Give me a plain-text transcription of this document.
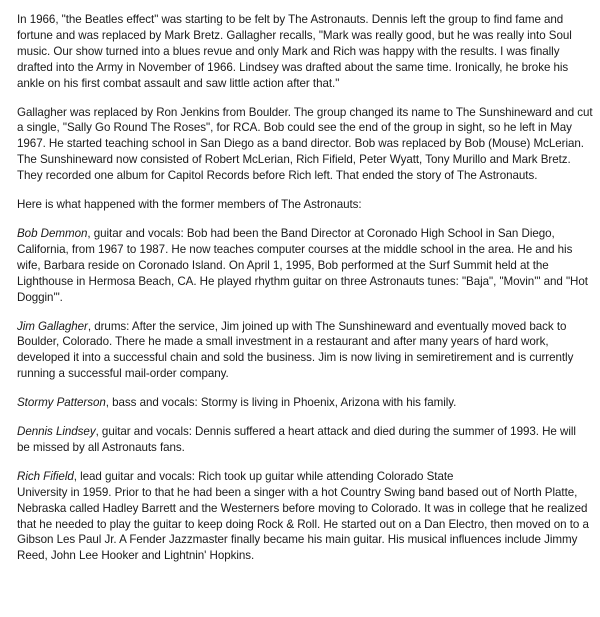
In 1966, "the Beatles effect" was starting to be felt by The Astronauts. Dennis left the group to find fame and
fortune and was replaced by Mark Bretz. Gallagher recalls, "Mark was really good, but he was really into Soul
music. Our show turned into a blues revue and only Mark and Rich was happy with the results. I was finally
drafted into the Army in November of 1966. Lindsey was drafted about the same time. Ironically, he broke his
ankle on his first combat assault and saw little action after that."

Gallagher was replaced by Ron Jenkins from Boulder. The group changed its name to The Sunshineward and cut
a single, "Sally Go Round The Roses", for RCA. Bob could see the end of the group in sight, so he left in May
1967. He started teaching school in San Diego as a band director. Bob was replaced by Bob (Mouse) McLerian.
The Sunshineward now consisted of Robert McLerian, Rich Fifield, Peter Wyatt, Tony Murillo and Mark Bretz.
They recorded one album for Capitol Records before Rich left. That ended the story of The Astronauts.

Here is what happened with the former members of The Astronauts:

Bob Demmon, guitar and vocals: Bob had been the Band Director at Coronado High School in San Diego,
California, from 1967 to 1987. He now teaches computer courses at the middle school in the area. He and his
wife, Barbara reside on Coronado Island. On April 1, 1995, Bob performed at the Surf Summit held at the
Lighthouse in Hermosa Beach, CA. He played rhythm guitar on three Astronauts tunes: "Baja", "Movin'" and "Hot
Doggin'".

Jim Gallagher, drums: After the service, Jim joined up with The Sunshineward and eventually moved back to
Boulder, Colorado. There he made a small investment in a restaurant and after many years of hard work,
developed it into a successful chain and sold the business. Jim is now living in semiretirement and is currently
running a successful mail-order company.

Stormy Patterson, bass and vocals: Stormy is living in Phoenix, Arizona with his family.

Dennis Lindsey, guitar and vocals: Dennis suffered a heart attack and died during the summer of 1993. He will
be missed by all Astronauts fans.

Rich Fifield, lead guitar and vocals: Rich took up guitar while attending Colorado State
University in 1959. Prior to that he had been a singer with a hot Country Swing band based out of North Platte,
Nebraska called Hadley Barrett and the Westerners before moving to Colorado. It was in college that he realized
that he needed to play the guitar to keep doing Rock & Roll. He started out on a Dan Electro, then moved on to a
Gibson Les Paul Jr. A Fender Jazzmaster finally became his main guitar. His musical influences include Jimmy
Reed, John Lee Hooker and Lightnin' Hopkins.
